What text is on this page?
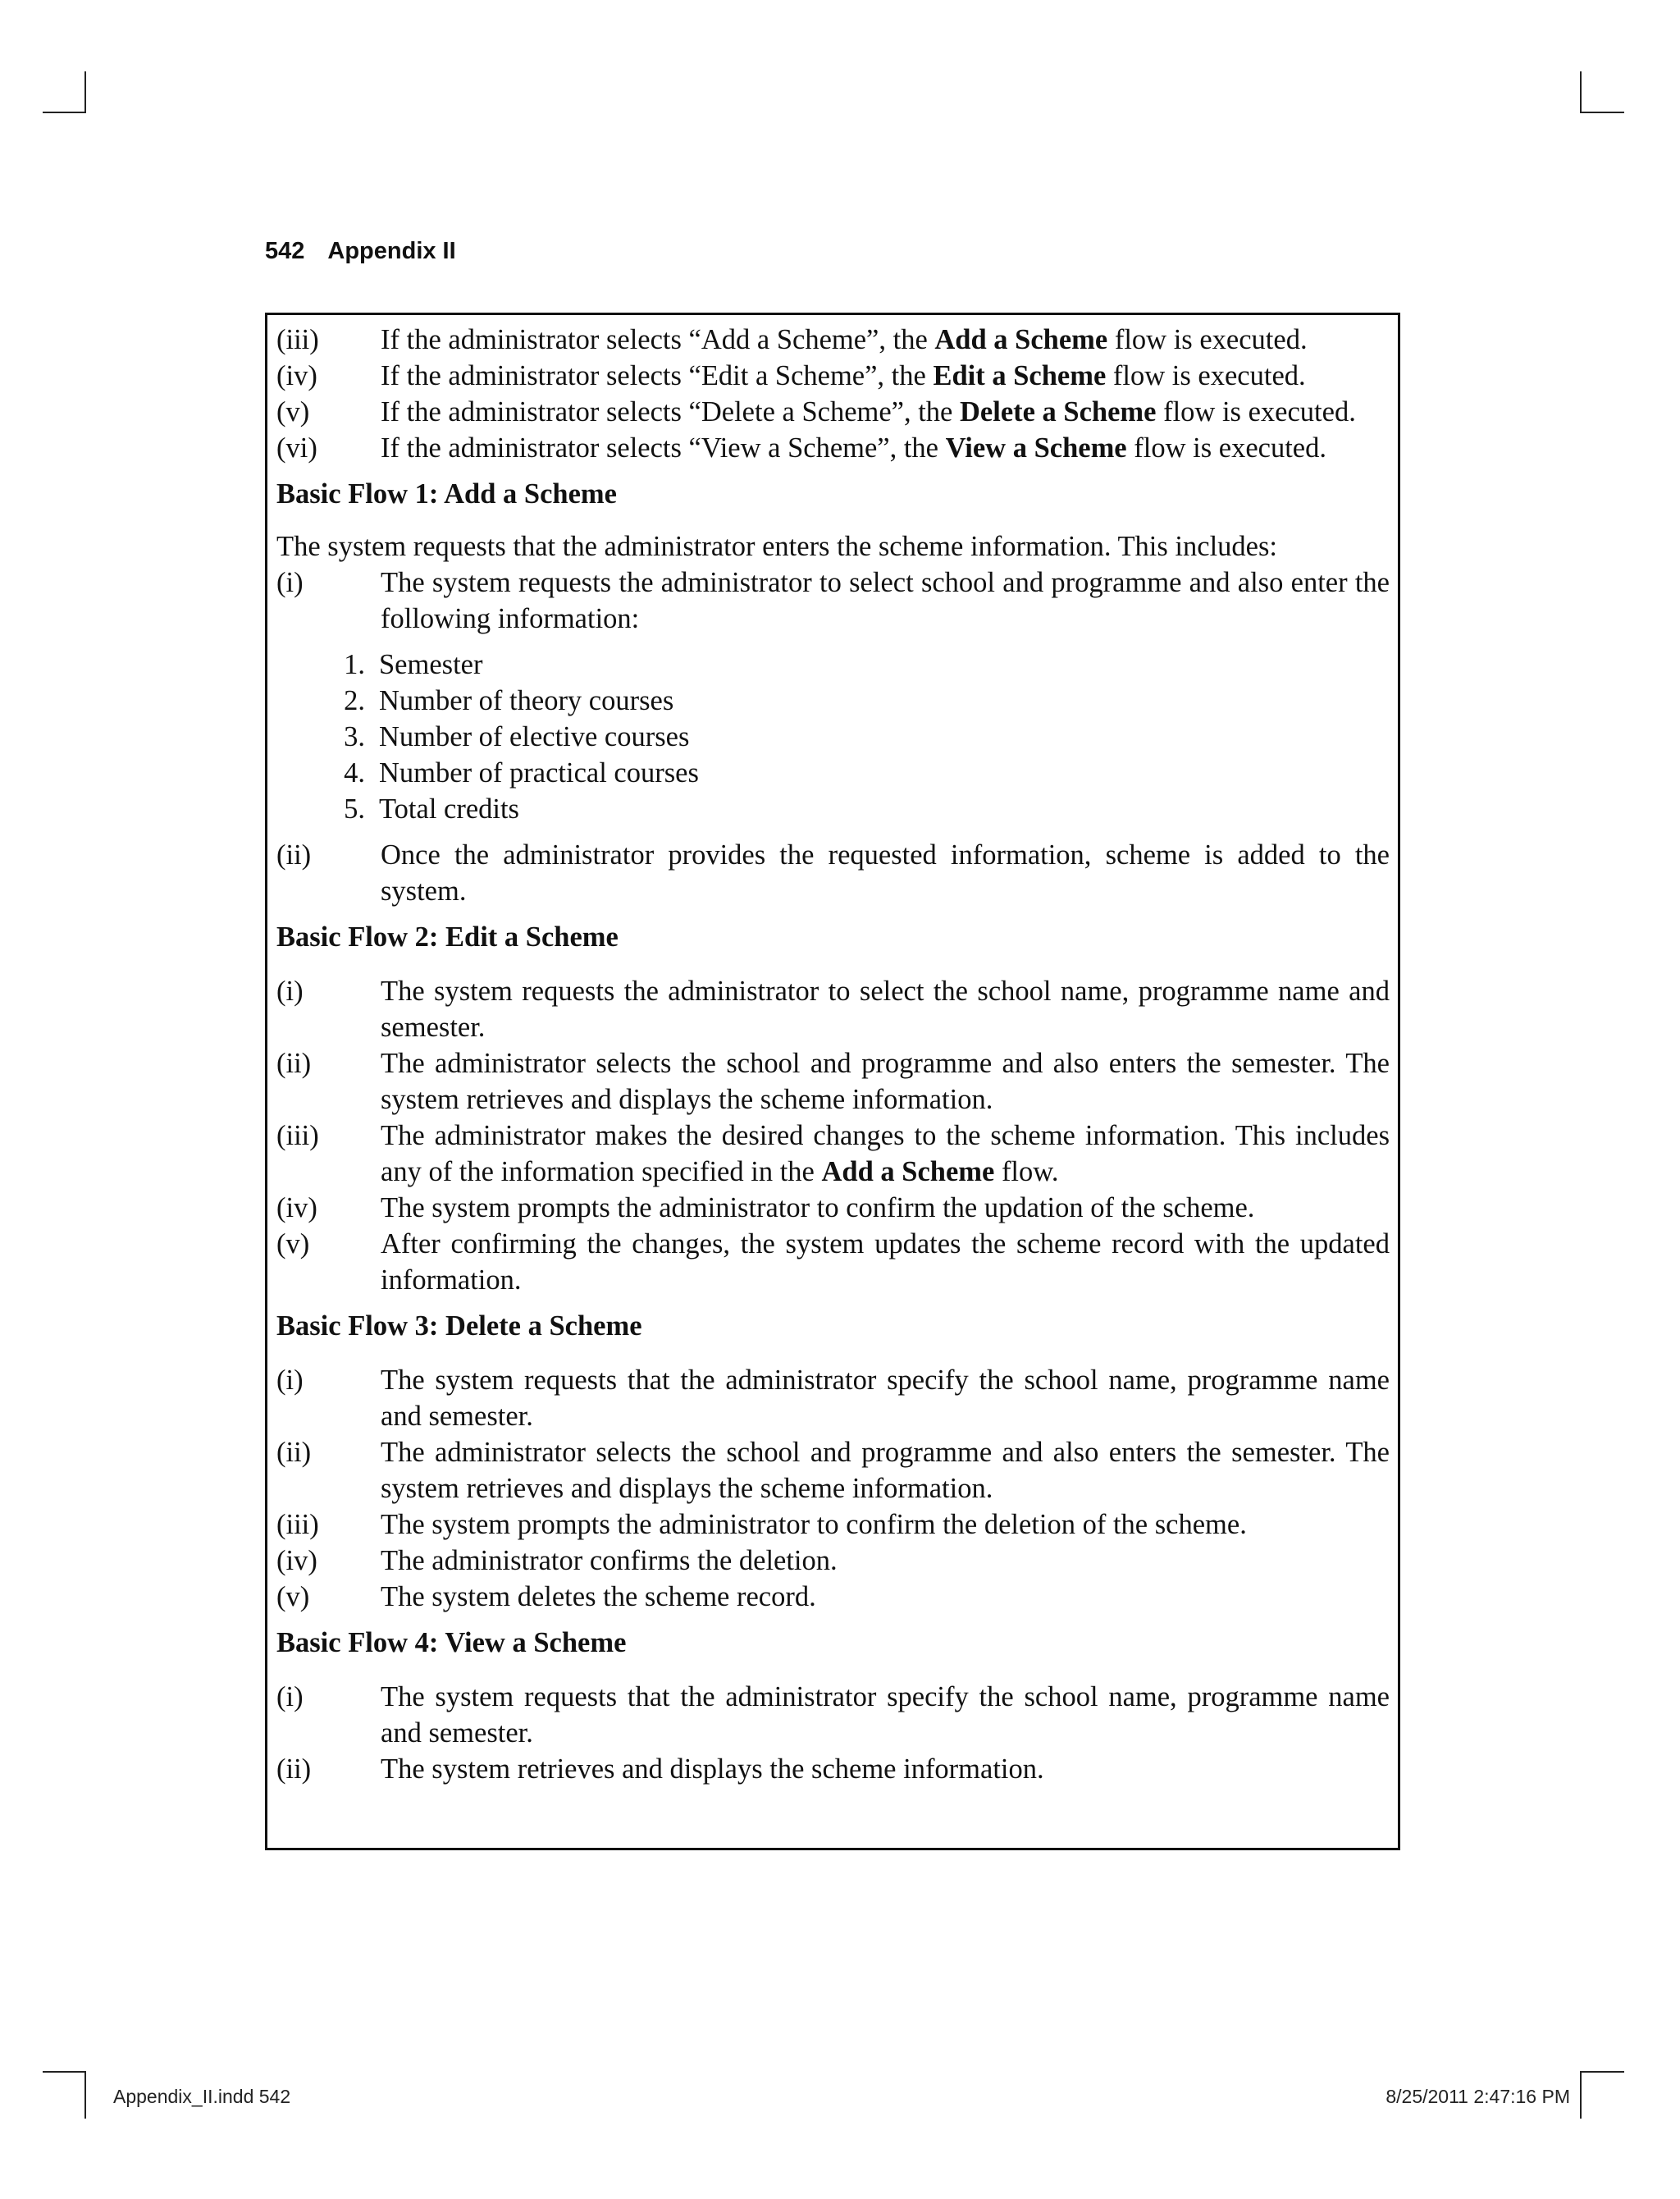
542 Appendix II
(iii)	If the administrator selects “Add a Scheme”, the Add a Scheme flow is executed.
(iv)	If the administrator selects “Edit a Scheme”, the Edit a Scheme flow is executed.
(v)	If the administrator selects “Delete a Scheme”, the Delete a Scheme flow is executed.
(vi)	If the administrator selects “View a Scheme”, the View a Scheme flow is executed.
Basic Flow 1: Add a Scheme
The system requests that the administrator enters the scheme information. This includes:
(i)	The system requests the administrator to select school and programme and also enter the following information:
1. Semester
2. Number of theory courses
3. Number of elective courses
4. Number of practical courses
5. Total credits
(ii)	Once the administrator provides the requested information, scheme is added to the system.
Basic Flow 2: Edit a Scheme
(i)	The system requests the administrator to select the school name, programme name and semester.
(ii)	The administrator selects the school and programme and also enters the semester. The system retrieves and displays the scheme information.
(iii)	The administrator makes the desired changes to the scheme information. This includes any of the information specified in the Add a Scheme flow.
(iv)	The system prompts the administrator to confirm the updation of the scheme.
(v)	After confirming the changes, the system updates the scheme record with the updated information.
Basic Flow 3: Delete a Scheme
(i)	The system requests that the administrator specify the school name, programme name and semester.
(ii)	The administrator selects the school and programme and also enters the semester. The system retrieves and displays the scheme information.
(iii)	The system prompts the administrator to confirm the deletion of the scheme.
(iv)	The administrator confirms the deletion.
(v)	The system deletes the scheme record.
Basic Flow 4: View a Scheme
(i)	The system requests that the administrator specify the school name, programme name and semester.
(ii)	The system retrieves and displays the scheme information.
Appendix_II.indd 542	8/25/2011 2:47:16 PM
